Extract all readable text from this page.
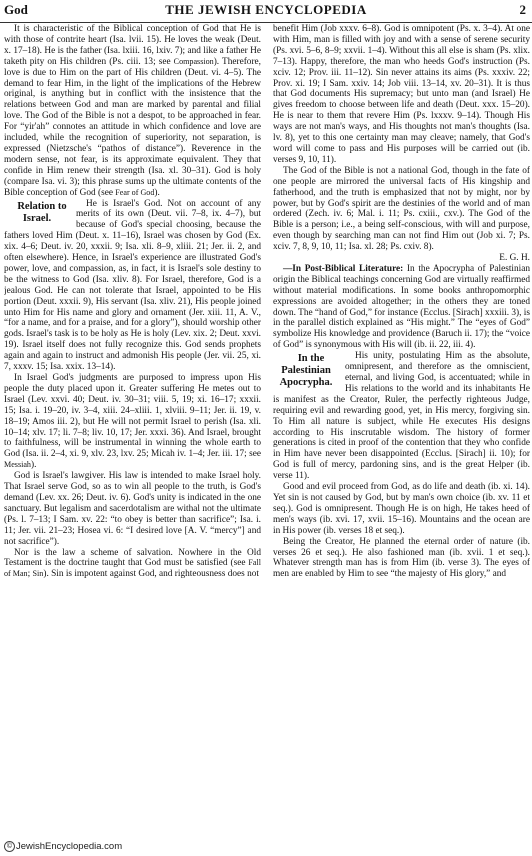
God	THE JEWISH ENCYCLOPEDIA	2

It is characteristic of the Biblical conception of God that He is with those of contrite heart (Isa. lvii. 15). He loves the weak (Deut. x. 17–18). He is the father (Isa. lxiii. 16, lxiv. 7); and like a father He taketh pity on His children (Ps. ciii. 13; see Compassion). Therefore, love is due to Him on the part of His children (Deut. vi. 4–5). The demand to fear Him, in the light of the implications of the Hebrew original, is anything but in conflict with the insistence that the relations between God and man are marked by parental and filial love. The God of the Bible is not a despot, to be approached in fear. For “yir'ah” connotes an attitude in which confidence and love are included, while the recognition of superiority, not separation, is expressed (Nietzsche's “pathos of distance”). Reverence in the modern sense, not fear, is its approximate equivalent. They that confide in Him renew their strength (Isa. xl. 30–31). God is holy (compare Isa. vi. 3); this phrase sums up the ultimate contents of the Bible conception of God (see Fear of God).

Relation to Israel.
He is Israel's God. Not on account of any merits of its own (Deut. vii. 7–8, ix. 4–7), but because of God's special choosing, because the fathers loved Him (Deut. x. 11–16), Israel was chosen by God (Ex. xix. 4–6; Deut. iv. 20, xxxii. 9; Isa. xli. 8–9, xliii. 21; Jer. ii. 2, and often elsewhere). Hence, in Israel's experience are illustrated God's power, love, and compassion, as, in fact, it is Israel's sole destiny to be the witness to God (Isa. xliv. 8). For Israel, therefore, God is a jealous God. He can not tolerate that Israel, appointed to be His portion (Deut. xxxii. 9), His servant (Isa. xliv. 21), His people joined unto Him for His name and glory and ornament (Jer. xiii. 11, A. V., “for a name, and for a praise, and for a glory”), should worship other gods. Israel's task is to be holy as He is holy (Lev. xix. 2; Deut. xxvi. 19). Israel itself does not fully recognize this. God sends prophets again and again to instruct and admonish His people (Jer. vii. 25, xi. 7, xxxv. 15; Isa. xxix. 13–14).

In Israel God's judgments are purposed to impress upon His people the duty placed upon it. Greater suffering He metes out to Israel (Lev. xxvi. 40; Deut. iv. 30–31; viii. 5, 19; xi. 16–17; xxxii. 15; Isa. i. 19–20, iv. 3–4, xiii. 24–xliii. 1, xlviii. 9–11; Jer. ii. 19, v. 18–19; Amos iii. 2), but He will not permit Israel to perish (Isa. xli. 10–14; xlv. 17; li. 7–8; liv. 10, 17; Jer. xxxi. 36). And Israel, brought to faithfulness, will be instrumental in winning the whole earth to God (Isa. ii. 2–4, xi. 9, xlv. 23, lxv. 25; Micah iv. 1–4; Jer. iii. 17; see Messiah).

God is Israel's lawgiver. His law is intended to make Israel holy. That Israel serve God, so as to win all people to the truth, is God's demand (Lev. xx. 26; Deut. iv. 6). God's unity is indicated in the one sanctuary. But legalism and sacerdotalism are withal not the ultimate (Ps. l. 7–13; I Sam. xv. 22: “to obey is better than sacrifice”; Isa. i. 11; Jer. vii. 21–23; Hosea vi. 6: “I desired love [A. V. “mercy”] and not sacrifice”).

Nor is the law a scheme of salvation. Nowhere in the Old Testament is the doctrine taught that God must be satisfied (see Fall of Man; Sin). Sin is impotent against God, and righteousness does not

benefit Him (Job xxxv. 6–8). God is omnipotent (Ps. x. 3–4). At one with Him, man is filled with joy and with a sense of serene security (Ps. xvi. 5–6, 8–9; xxvii. 1–4). Without this all else is sham (Ps. xlix. 7–13). Happy, therefore, the man who heeds God's instruction (Ps. xciv. 12; Prov. iii. 11–12). Sin never attains its aims (Ps. xxxiv. 22; Prov. xi. 19; I Sam. xxiv. 14; Job viii. 13–14, xv. 20–31). It is thus that God documents His supremacy; but unto man (and Israel) He gives freedom to choose between life and death (Deut. xxx. 15–20). He is near to them that revere Him (Ps. lxxxv. 9–14). Though His ways are not man's ways, and His thoughts not man's thoughts (Isa. lv. 8), yet to this one certainty man may cleave; namely, that God's word will come to pass and His purposes will be carried out (ib. verses 9, 10, 11).

The God of the Bible is not a national God, though in the fate of one people are mirrored the universal facts of His kingship and fatherhood, and the truth is emphasized that not by might, nor by power, but by God's spirit are the destinies of the world and of man ordered (Zech. iv. 6; Mal. i. 11; Ps. cxiii., cxv.). The God of the Bible is a person; i.e., a being self-conscious, with will and purpose, even though by searching man can not find Him out (Job xi. 7; Ps. xciv. 7, 8, 9, 10, 11; Isa. xl. 28; Ps. cxiv. 8).

E. G. H.

—In Post-Biblical Literature: In the Apocrypha of Palestinian origin the Biblical teachings concerning God are virtually reaffirmed without material modifications. In some books anthropomorphic expressions are avoided altogether; in the others they are toned down. The “hand of God,” for instance (Ecclus. [Sirach] xxxiii. 3), is in the parallel distich explained as “His might.” The “eyes of God” symbolize His knowledge and providence (Baruch ii. 17); the “voice of God” is synonymous with His will (ib. ii. 22, iii. 4).

In the Palestinian Apocrypha.
His unity, postulating Him as the absolute, omnipresent, and therefore as the omniscient, eternal, and living God, is accentuated; while in His relations to the world and its inhabitants He is manifest as the Creator, Ruler, the perfectly righteous Judge, requiring evil and rewarding good, yet, in His mercy, forgiving sin. To Him all nature is subject, while He executes His designs according to His inscrutable wisdom. The history of former generations is cited in proof of the contention that they who confide in Him have never been disappointed (Ecclus. [Sirach] ii. 10); for God is full of mercy, pardoning sins, and is the great Helper (ib. verse 11).

Good and evil proceed from God, as do life and death (ib. xi. 14). Yet sin is not caused by God, but by man's own choice (ib. xv. 11 et seq.). God is omnipresent. Though He is on high, He takes heed of men's ways (ib. xvi. 17, xvii. 15–16). Mountains and the ocean are in His power (ib. verses 18 et seq.).

Being the Creator, He planned the eternal order of nature (ib. verses 26 et seq.). He also fashioned man (ib. xvii. 1 et seq.). Whatever strength man has is from Him (ib. verse 3). The eyes of men are enabled by Him to see “the majesty of His glory,” and

© JewishEncyclopedia.com
